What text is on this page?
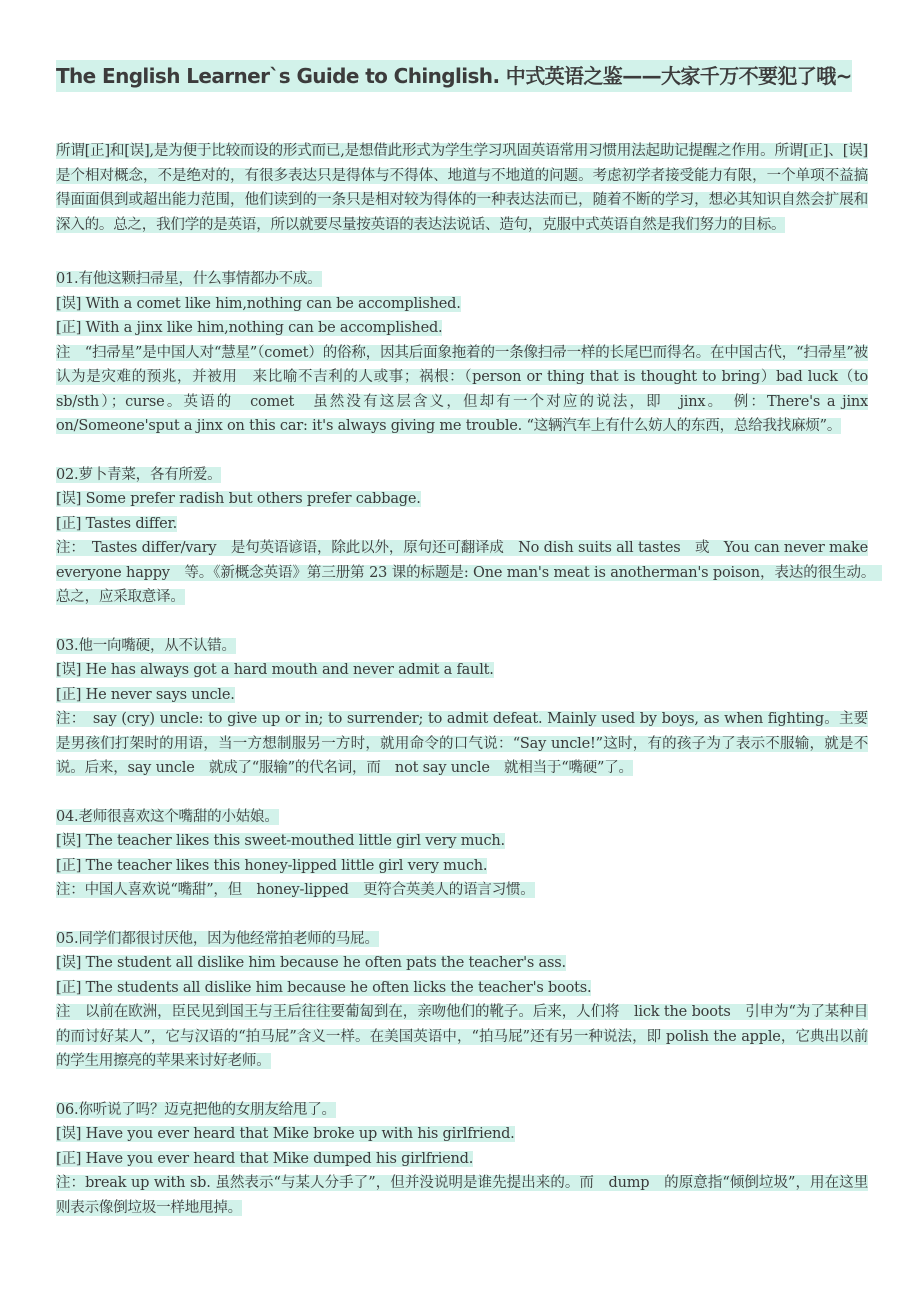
The English Learner`s Guide to Chinglish. 中式英语之鉴——大家千万不要犯了哦~
所谓[正]和[误],是为便于比较而设的形式而已,是想借此形式为学生学习巩固英语常用习惯用法起助记提醒之作用。所谓[正]、[误]是个相对概念，不是绝对的，有很多表达只是得体与不得体、地道与不地道的问题。考虑初学者接受能力有限，一个单项不益搞得面面俱到或超出能力范围，他们读到的一条只是相对较为得体的一种表达法而已，随着不断的学习，想必其知识自然会扩展和深入的。总之，我们学的是英语，所以就要尽量按英语的表达法说话、造句，克服中式英语自然是我们努力的目标。
01.有他这颗扫帚星，什么事情都办不成。
[误] With a comet like him,nothing can be accomplished.
[正] With a jinx like him,nothing can be accomplished.
注　“扫帚星”是中国人对“慧星”（comet）的俗称，因其后面象拖着的一条像扫帚一样的长尾巴而得名。在中国古代，“扫帚星”被认为是灾难的预兆，并被用　来比喻不吉利的人或事；祸根：（person or thing that is thought to bring）bad luck（to sb/sth）；curse。英语的　comet　虽然没有这层含义，但却有一个对应的说法，即　jinx。　例：There's a jinx on/Someone'sput a jinx on this car: it's always giving me trouble. “这辆汽车上有什么妨人的东西，总给我找麻烦”。
02.萝卜青菜，各有所爱。
[误] Some prefer radish but others prefer cabbage.
[正] Tastes differ.
注：　Tastes differ/vary　是句英语谚语，除此以外，原句还可翻译成　No dish suits all tastes　或　You can never make everyone happy　等。《新概念英语》第三册第 23 课的标题是: One man's meat is anotherman's poison，表达的很生动。　总之，应采取意译。
03.他一向嘴硬，从不认错。
[误] He has always got a hard mouth and never admit a fault.
[正] He never says uncle.
注：　say (cry) uncle: to give up or in; to surrender; to admit defeat. Mainly used by boys, as when fighting。主要是男孩们打架时的用语，当一方想制服另一方时，就用命令的口气说：“Say uncle!”这时，有的孩子为了表示不服输，就是不说。后来，say uncle　就成了“服输”的代名词，而　not say uncle　就相当于“嘴硬”了。
04.老师很喜欢这个嘴甜的小姑娘。
[误] The teacher likes this sweet-mouthed little girl very much.
[正] The teacher likes this honey-lipped little girl very much.
注：中国人喜欢说“嘴甜”，但　honey-lipped　更符合英美人的语言习惯。
05.同学们都很讨厌他，因为他经常拍老师的马屁。
[误] The student all dislike him because he often pats the teacher's ass.
[正] The students all dislike him because he often licks the teacher's boots.
注　以前在欧洲，臣民见到国王与王后往往要葡匐到在，亲吻他们的靴子。后来，人们将　lick the boots　引申为“为了某种目的而讨好某人”，它与汉语的“拍马屁”含义一样。在美国英语中，“拍马屁”还有另一种说法，即 polish the apple，它典出以前的学生用擦亮的苹果来讨好老师。
06.你听说了吗？迈克把他的女朋友给甩了。
[误] Have you ever heard that Mike broke up with his girlfriend.
[正] Have you ever heard that Mike dumped his girlfriend.
注：break up with sb. 虽然表示“与某人分手了”，但并没说明是谁先提出来的。而　dump　的原意指“倾倒垃圾”，用在这里则表示像倒垃圾一样地甩掉。
